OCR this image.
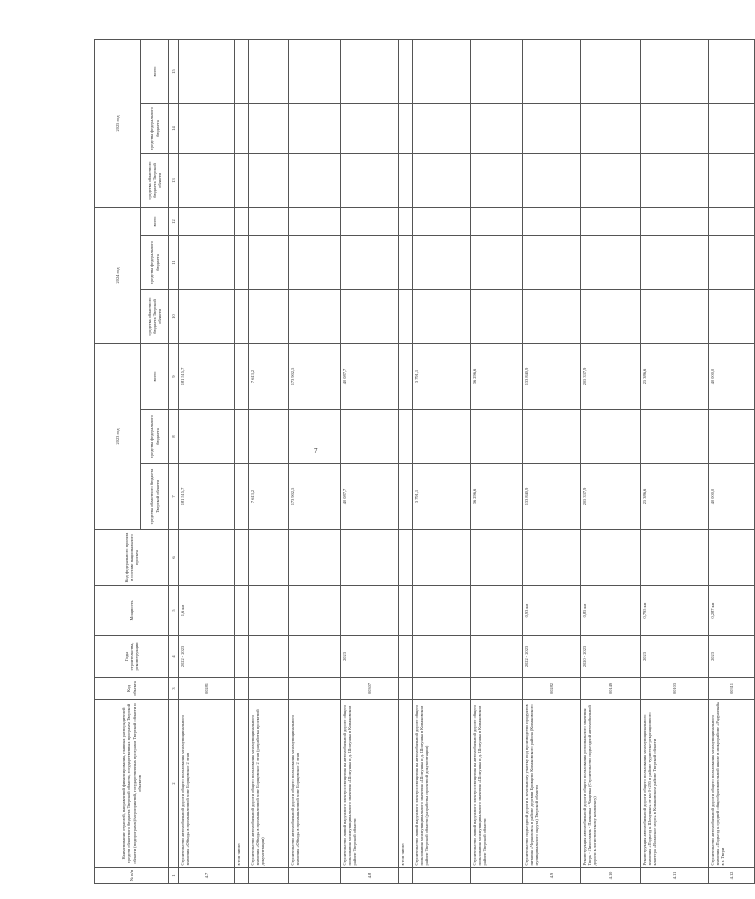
7
№ п/п	Наименование отраслей, направлений финансирования, главных распорядителей средств областного бюджета Тверской области, государственных программ Тверской области (подпрограмм)/мероприятий, государственных программ Тверской области и объектов	Код объекта	Годы строительства, реконструкции	Мощность	Код федерального проекта в составе национального проекта	2023 год			2024 год			2025 год		
						средства областного бюджета Тверской области	средства федерального бюджета	всего	средства областного бюджета Тверской области	средства федерального бюджета	всего	средства областного бюджета Тверской области	средства федерального бюджета	всего

1	2	3	4	5	6	7	8	9	10	11	12	13	14	15
4.7	Строительство автомобильной дороги общего пользования межмуниципального значения «Обход» в промышленной зоне Борщевское 2 этап	00281	2022 - 2023	1,6 км		181 515,7		181 515,7						
	в том числе:													
	Строительство автомобильной дороги общего пользования межмуниципального значения «Обход» в промышленной зоне Борщевское 2 этап (разработка проектной документации)					7 613,2		7 613,2						
	Строительство автомобильной дороги общего пользования межмуниципального значения «Обход» в промышленной зоне Борщевское 2 этап					173 902,5		173 902,5						
4.8	Строительство линий наружного электроосвещения на автомобильной дороге общего пользования межмуниципального значения «Шомушка и д. Шомушка в Конаковском районе Тверской области	00307	2023			40 087,7		40 087,7						
	в том числе:													
	Строительство линий наружного электроосвещения на автомобильной дороге общего пользования межмуниципального значения «Шомушка и д. Шомушка в Конаковском районе Тверской области (разработка проектной документации)					3 791,1		3 791,1						
	Строительство линий наружного электроосвещения на автомобильной дороге общего пользования межмуниципального значения «Шомушка и д. Шомушка в Конаковском районе Тверской области					36 296,6		36 296,6						
4.9	Строительство подъездной дороги к земельному участку под производство продуктов питания «Черкизово» в районе деревни Бривцево Конаковского района (Конаковского муниципального округа) Тверской области	00282	2022 - 2023	0,93 км		133 840,9		133 840,9						
4.10	Реконструкция автомобильной дороги общего пользования регионального значения Тверь - Лихославль - Панковка - Чащевка (Строительство подъездной автомобильной дороги к логистическому комплексу)	00149	2020 - 2023	0,85 км		205 337,9		205 337,9						
4.11	Реконструкция автомобильной дороги общего пользования межмуниципального значения «Подъезд к Шомушке» от км 0+295 в районе туристско-рекреационного кластера «Волжское море» в Конаковском районе Тверской области	00103	2023	0,795 км		25 386,6		25 386,6						
4.12	Строительство автомобильной дороги общего пользования межмуниципального значения «Подъезд к средней общеобразовательной школе в микрорайоне «Радужный» в г. Твери	00311	2023	0,287 км		40 000,0		40 000,0						
